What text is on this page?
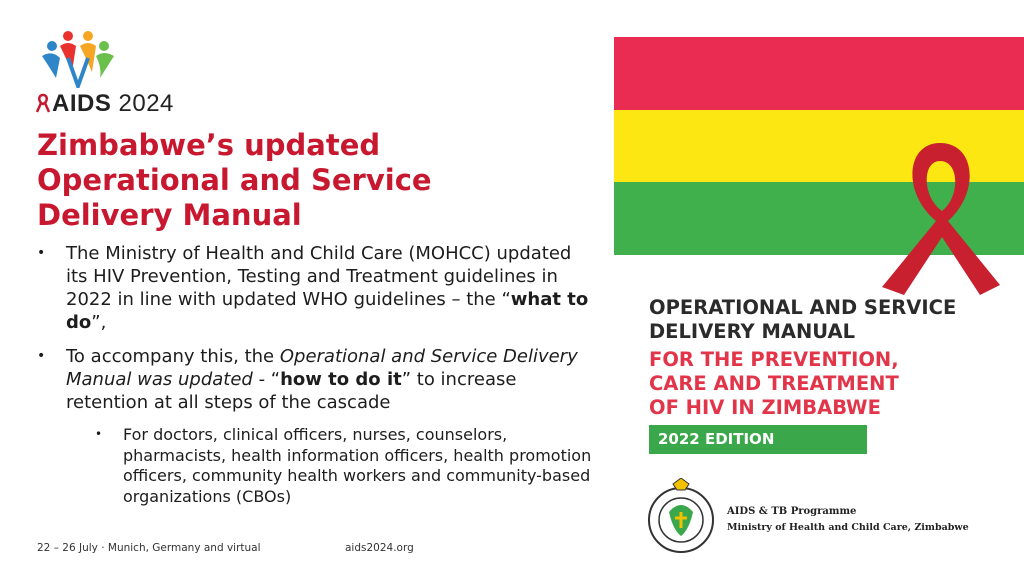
AIDS 2024
Zimbabwe’s updated Operational and Service Delivery Manual
• The Ministry of Health and Child Care (MOHCC) updated its HIV Prevention, Testing and Treatment guidelines in 2022 in line with updated WHO guidelines – the “what to do”,
• To accompany this, the Operational and Service Delivery Manual was updated - “how to do it” to increase retention at all steps of the cascade
• For doctors, clinical officers, nurses, counselors, pharmacists, health information officers, health promotion officers, community health workers and community-based organizations (CBOs)
22 – 26 July · Munich, Germany and virtual	aids2024.org
OPERATIONAL AND SERVICE
DELIVERY MANUAL
FOR THE PREVENTION,
CARE AND TREATMENT
OF HIV IN ZIMBABWE
2022 EDITION
AIDS & TB Programme
Ministry of Health and Child Care, Zimbabwe
